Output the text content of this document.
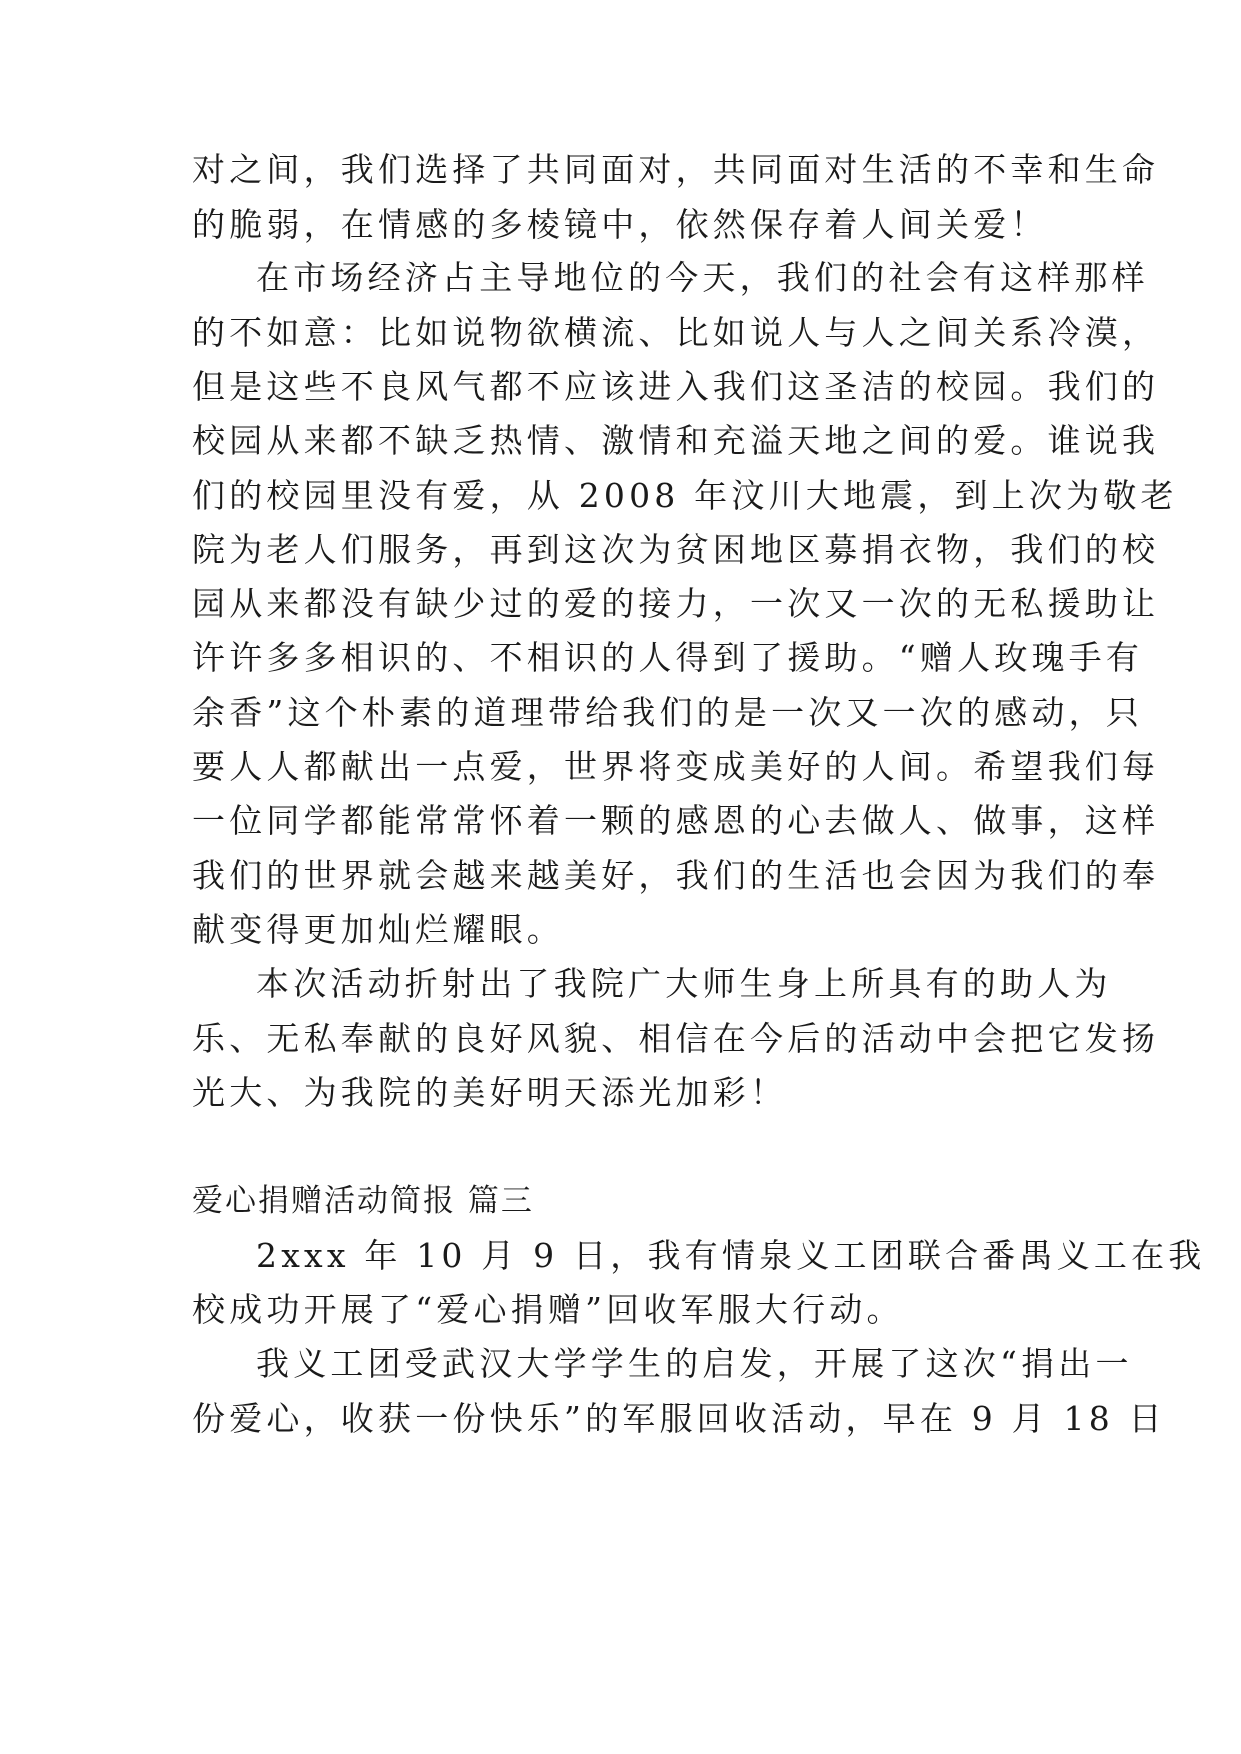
对之间，我们选择了共同面对，共同面对生活的不幸和生命

的脆弱，在情感的多棱镜中，依然保存着人间关爱！

在市场经济占主导地位的今天，我们的社会有这样那样

的不如意：比如说物欲横流、比如说人与人之间关系冷漠，

但是这些不良风气都不应该进入我们这圣洁的校园。我们的

校园从来都不缺乏热情、激情和充溢天地之间的爱。谁说我

们的校园里没有爱，从 2008 年汶川大地震，到上次为敬老

院为老人们服务，再到这次为贫困地区募捐衣物，我们的校

园从来都没有缺少过的爱的接力，一次又一次的无私援助让

许许多多相识的、不相识的人得到了援助。“赠人玫瑰手有

余香”这个朴素的道理带给我们的是一次又一次的感动，只

要人人都献出一点爱，世界将变成美好的人间。希望我们每

一位同学都能常常怀着一颗的感恩的心去做人、做事，这样

我们的世界就会越来越美好，我们的生活也会因为我们的奉

献变得更加灿烂耀眼。

本次活动折射出了我院广大师生身上所具有的助人为

乐、无私奉献的良好风貌、相信在今后的活动中会把它发扬

光大、为我院的美好明天添光加彩！

爱心捐赠活动简报 篇三

2xxx 年 10 月 9 日，我有情泉义工团联合番禺义工在我

校成功开展了“爱心捐赠”回收军服大行动。

我义工团受武汉大学学生的启发，开展了这次“捐出一

份爱心，收获一份快乐”的军服回收活动，早在 9 月 18 日
